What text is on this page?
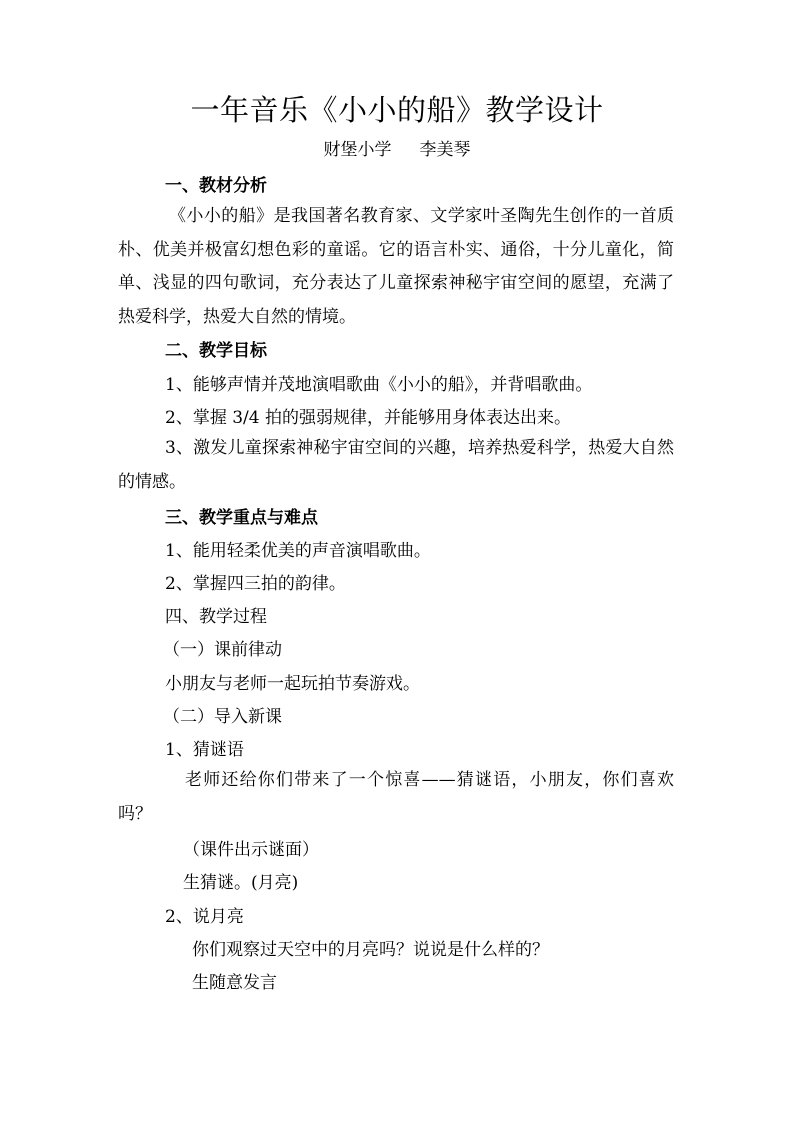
一年音乐《小小的船》教学设计
财堡小学 李美琴
一、教材分析
《小小的船》是我国著名教育家、文学家叶圣陶先生创作的一首质朴、优美并极富幻想色彩的童谣。它的语言朴实、通俗，十分儿童化，简单、浅显的四句歌词，充分表达了儿童探索神秘宇宙空间的愿望，充满了热爱科学，热爱大自然的情境。
二、教学目标
1、能够声情并茂地演唱歌曲《小小的船》，并背唱歌曲。
2、掌握 3/4 拍的强弱规律，并能够用身体表达出来。
3、激发儿童探索神秘宇宙空间的兴趣，培养热爱科学，热爱大自然的情感。
三、教学重点与难点
1、能用轻柔优美的声音演唱歌曲。
2、掌握四三拍的韵律。
四、教学过程
（一）课前律动
小朋友与老师一起玩拍节奏游戏。
（二）导入新课
1、猜谜语
老师还给你们带来了一个惊喜——猜谜语，小朋友，你们喜欢吗？
（课件出示谜面）
生猜谜。(月亮)
2、说月亮
你们观察过天空中的月亮吗？说说是什么样的？
生随意发言
